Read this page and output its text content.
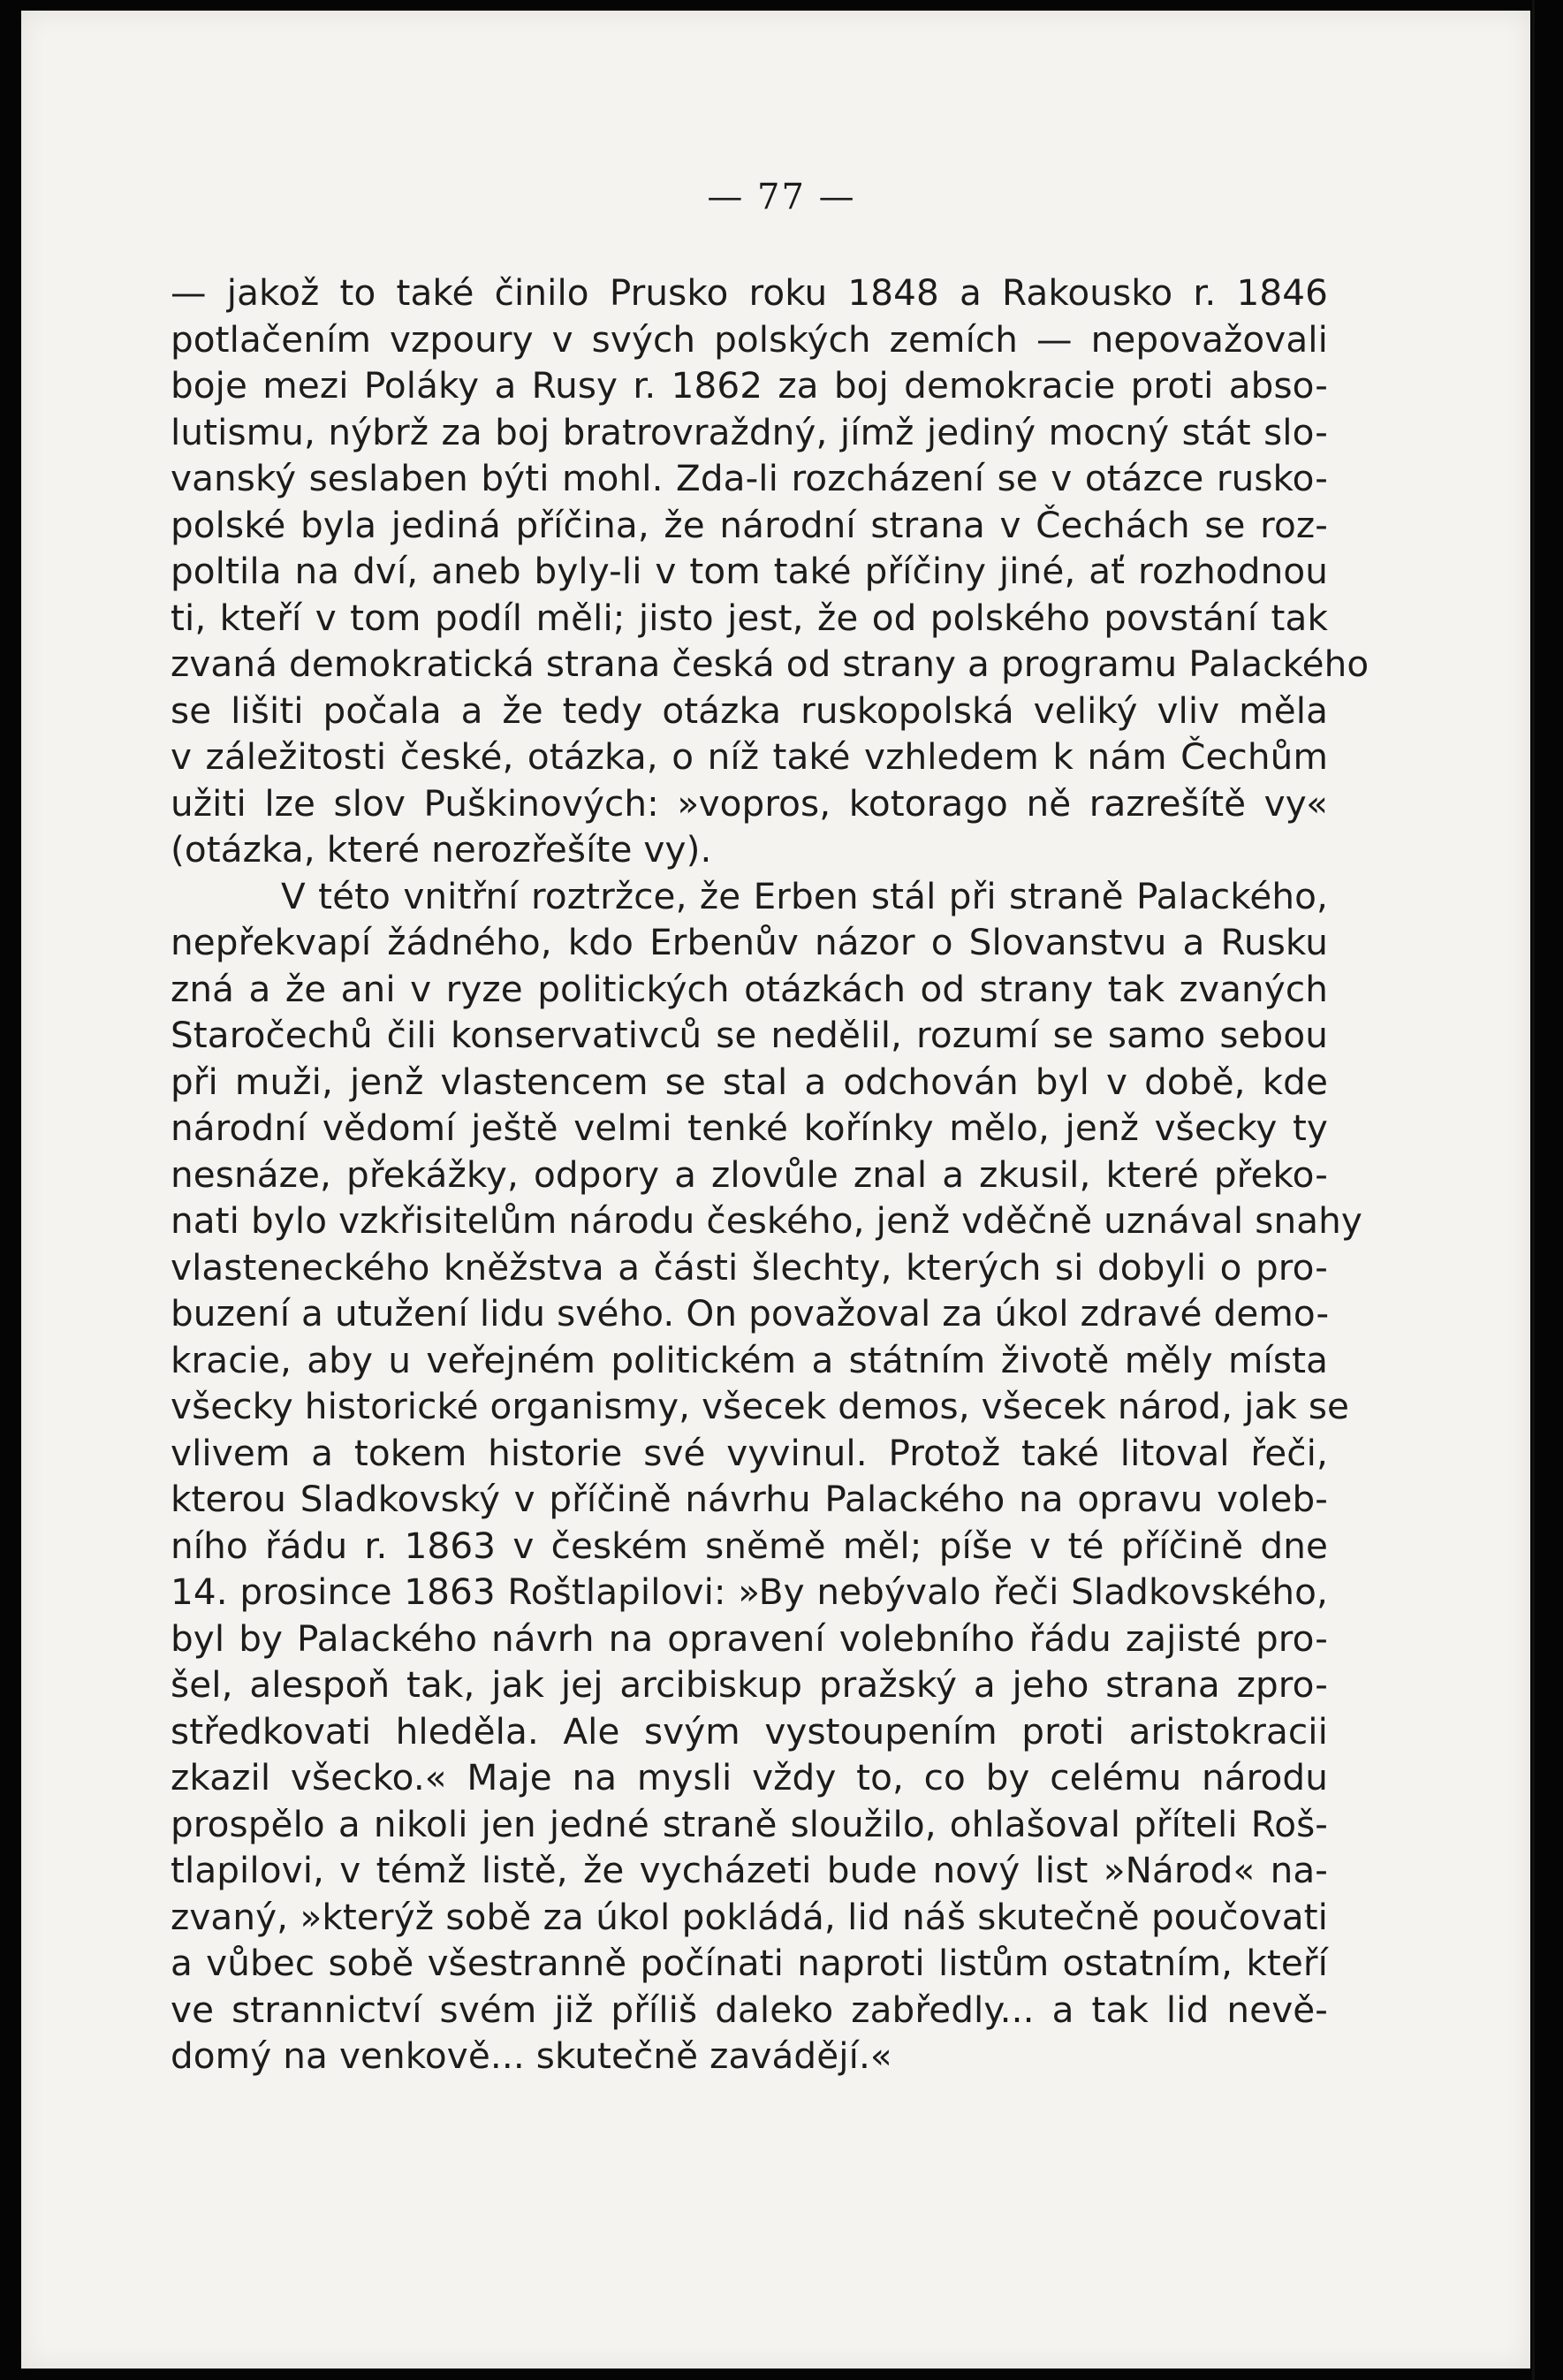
— 77 —
— jakož to také činilo Prusko roku 1848 a Rakousko r. 1846
potlačením vzpoury v svých polských zemích — nepovažovali
boje mezi Poláky a Rusy r. 1862 za boj demokracie proti abso-
lutismu, nýbrž za boj bratrovraždný, jímž jediný mocný stát slo-
vanský seslaben býti mohl. Zda-li rozcházení se v otázce rusko-
polské byla jediná příčina, že národní strana v Čechách se roz-
poltila na dví, aneb byly-li v tom také příčiny jiné, ať rozhodnou
ti, kteří v tom podíl měli; jisto jest, že od polského povstání tak
zvaná demokratická strana česká od strany a programu Palackého
se lišiti počala a že tedy otázka ruskopolská veliký vliv měla
v záležitosti české, otázka, o níž také vzhledem k nám Čechům
užiti lze slov Puškinových: »vopros, kotorago ně razrešítě vy«
(otázka, které nerozřešíte vy).
V této vnitřní roztržce, že Erben stál při straně Palackého,
nepřekvapí žádného, kdo Erbenův názor o Slovanstvu a Rusku
zná a že ani v ryze politických otázkách od strany tak zvaných
Staročechů čili konservativců se nedělil, rozumí se samo sebou
při muži, jenž vlastencem se stal a odchován byl v době, kde
národní vědomí ještě velmi tenké kořínky mělo, jenž všecky ty
nesnáze, překážky, odpory a zlovůle znal a zkusil, které překo-
nati bylo vzkřisitelům národu českého, jenž vděčně uznával snahy
vlasteneckého kněžstva a části šlechty, kterých si dobyli o pro-
buzení a utužení lidu svého. On považoval za úkol zdravé demo-
kracie, aby u veřejném politickém a státním životě měly místa
všecky historické organismy, všecek demos, všecek národ, jak se
vlivem a tokem historie své vyvinul. Protož také litoval řeči,
kterou Sladkovský v příčině návrhu Palackého na opravu voleb-
ního řádu r. 1863 v českém sněmě měl; píše v té příčině dne
14. prosince 1863 Roštlapilovi: »By nebývalo řeči Sladkovského,
byl by Palackého návrh na opravení volebního řádu zajisté pro-
šel, alespoň tak, jak jej arcibiskup pražský a jeho strana zpro-
středkovati hleděla. Ale svým vystoupením proti aristokracii
zkazil všecko.« Maje na mysli vždy to, co by celému národu
prospělo a nikoli jen jedné straně sloužilo, ohlašoval příteli Roš-
tlapilovi, v témž listě, že vycházeti bude nový list »Národ« na-
zvaný, »kterýž sobě za úkol pokládá, lid náš skutečně poučovati
a vůbec sobě všestranně počínati naproti listům ostatním, kteří
ve strannictví svém již příliš daleko zabředly... a tak lid nevě-
domý na venkově... skutečně zavádějí.«
